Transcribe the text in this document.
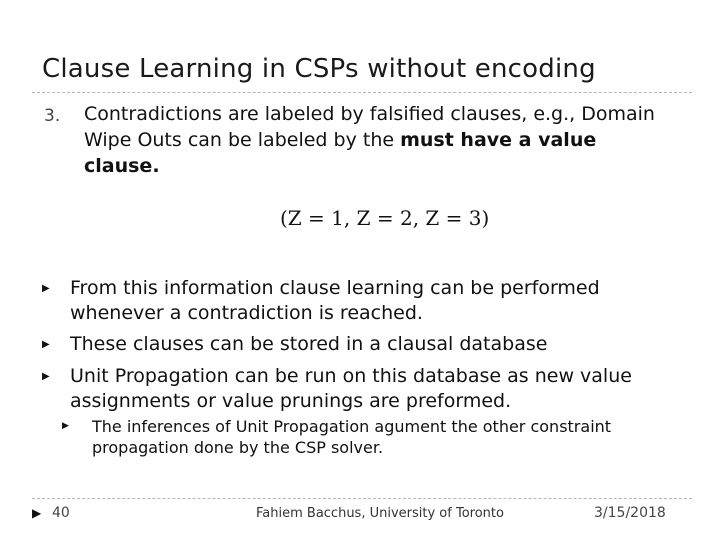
Clause Learning in CSPs without encoding
3. Contradictions are labeled by falsified clauses, e.g., Domain Wipe Outs can be labeled by the must have a value clause.
(Z = 1, Z = 2, Z = 3)
▶	From this information clause learning can be performed whenever a contradiction is reached.
▶	These clauses can be stored in a clausal database
▶	Unit Propagation can be run on this database as new value assignments or value prunings are preformed.
▶	The inferences of Unit Propagation agument the other constraint propagation done by the CSP solver.
▶ 40	Fahiem Bacchus, University of Toronto	3/15/2018
